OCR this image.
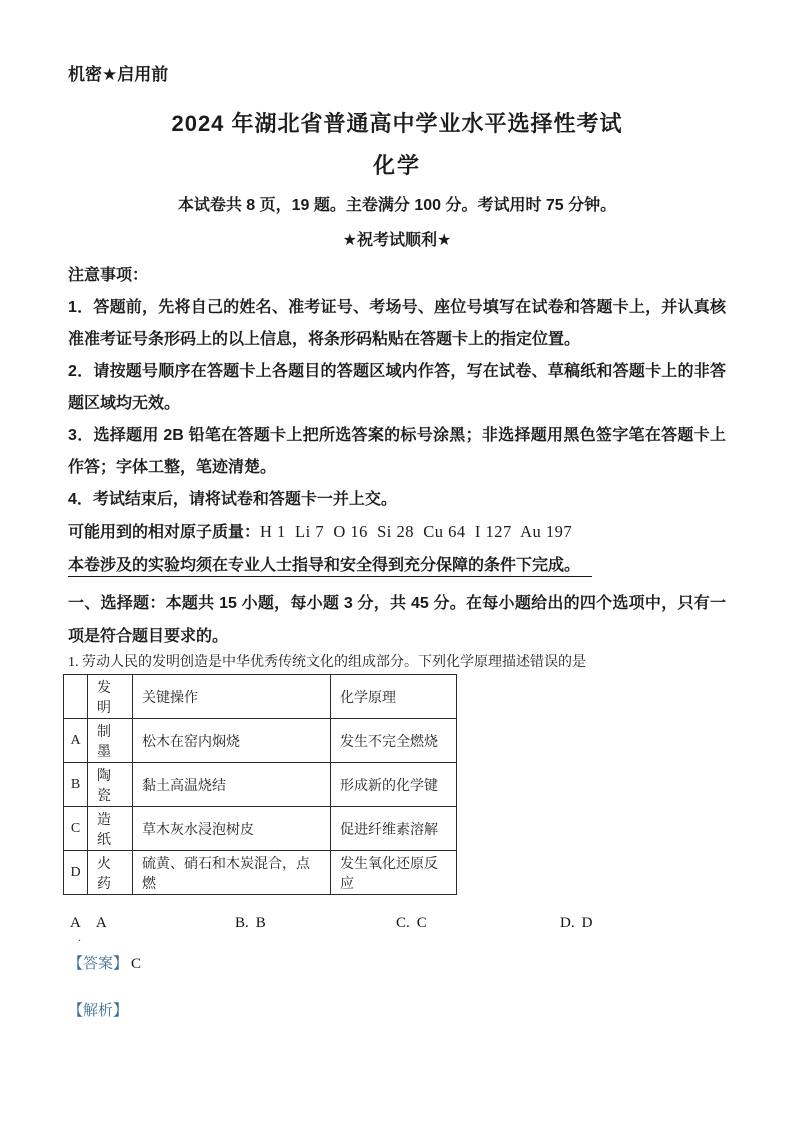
机密★启用前
2024 年湖北省普通高中学业水平选择性考试
化学
本试卷共 8 页，19 题。主卷满分 100 分。考试用时 75 分钟。
★祝考试顺利★

注意事项：

1．答题前，先将自己的姓名、准考证号、考场号、座位号填写在试卷和答题卡上，并认真核准准考证号条形码上的以上信息，将条形码粘贴在答题卡上的指定位置。

2．请按题号顺序在答题卡上各题目的答题区域内作答，写在试卷、草稿纸和答题卡上的非答题区域均无效。

3．选择题用 2B 铅笔在答题卡上把所选答案的标号涂黑；非选择题用黑色签字笔在答题卡上作答；字体工整，笔迹清楚。

4．考试结束后，请将试卷和答题卡一并上交。

可能用到的相对原子质量：H 1  Li 7  O 16  Si 28  Cu 64  I 127  Au 197
本卷涉及的实验均须在专业人士指导和安全得到充分保障的条件下完成。

一、选择题：本题共 15 小题，每小题 3 分，共 45 分。在每小题给出的四个选项中，只有一项是符合题目要求的。

1. 劳动人民的发明创造是中华优秀传统文化的组成部分。下列化学原理描述错误的是

	发明	关键操作	化学原理
A	制墨	松木在窑内焖烧	发生不完全燃烧
B	陶瓷	黏土高温烧结	形成新的化学键
C	造纸	草木灰水浸泡树皮	促进纤维素溶解
D	火药	硫黄、硝石和木炭混合，点燃	发生氧化还原反应
A
.
A	B. B	C. C	D. D
【答案】 C
【解析】
